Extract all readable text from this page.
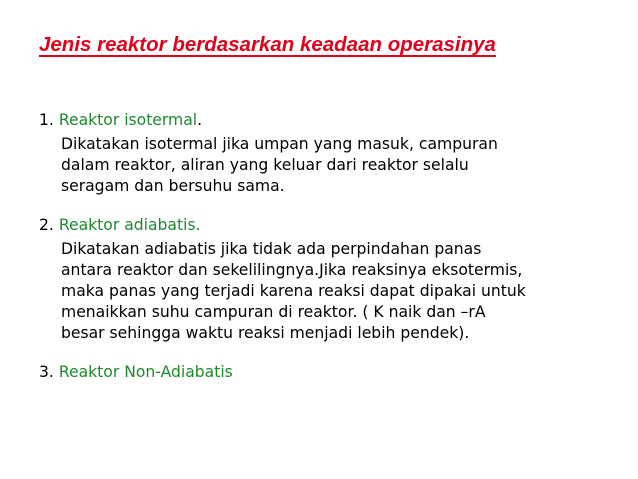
Jenis reaktor berdasarkan keadaan operasinya
1. Reaktor isotermal.
Dikatakan isotermal jika umpan yang masuk, campuran
dalam reaktor, aliran yang keluar dari reaktor selalu
seragam dan bersuhu sama.
2. Reaktor adiabatis.
Dikatakan adiabatis jika tidak ada perpindahan panas
antara reaktor dan sekelilingnya.Jika reaksinya eksotermis,
maka panas yang terjadi karena reaksi dapat dipakai untuk
menaikkan suhu campuran di reaktor. ( K naik dan –rA
besar sehingga waktu reaksi menjadi lebih pendek).
3. Reaktor Non-Adiabatis
